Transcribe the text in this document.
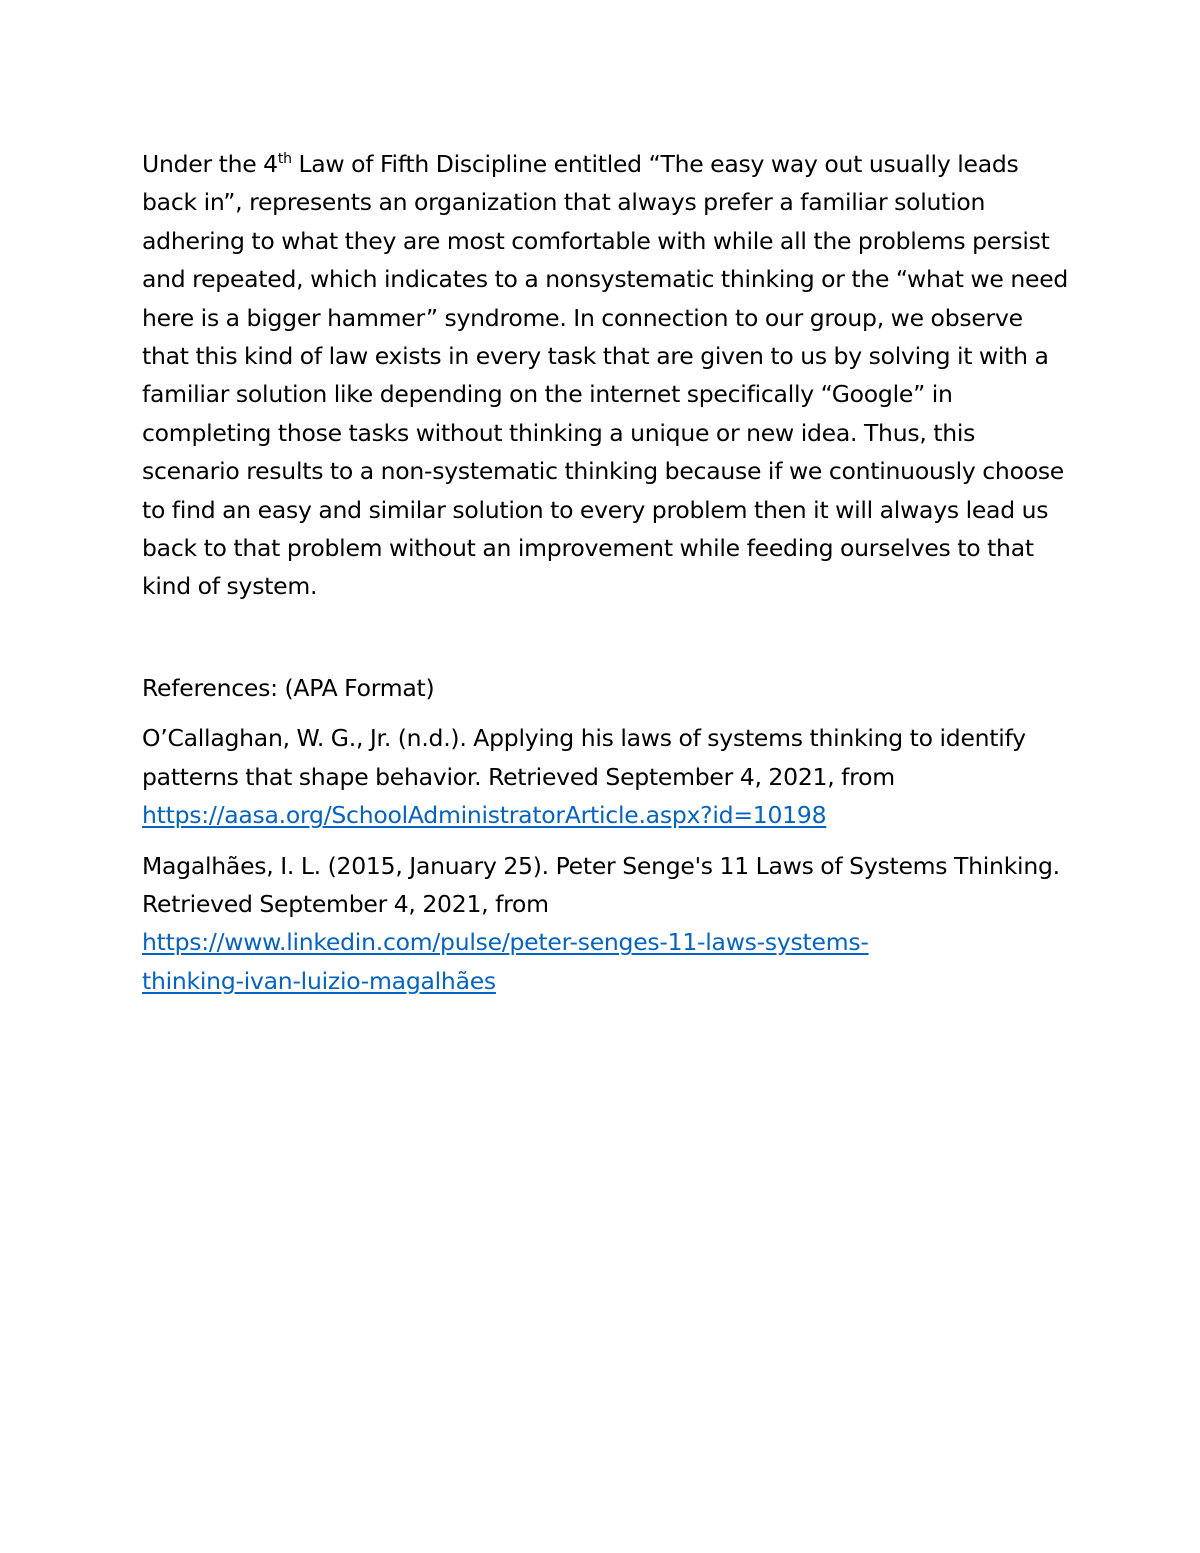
Under the 4th Law of Fifth Discipline entitled “The easy way out usually leads back in”, represents an organization that always prefer a familiar solution adhering to what they are most comfortable with while all the problems persist and repeated, which indicates to a nonsystematic thinking or the “what we need here is a bigger hammer” syndrome. In connection to our group, we observe that this kind of law exists in every task that are given to us by solving it with a familiar solution like depending on the internet specifically “Google” in completing those tasks without thinking a unique or new idea. Thus, this scenario results to a non-systematic thinking because if we continuously choose to find an easy and similar solution to every problem then it will always lead us back to that problem without an improvement while feeding ourselves to that kind of system.

References: (APA Format)

O’Callaghan, W. G., Jr. (n.d.). Applying his laws of systems thinking to identify patterns that shape behavior. Retrieved September 4, 2021, from https://aasa.org/SchoolAdministratorArticle.aspx?id=10198

Magalhães, I. L. (2015, January 25). Peter Senge's 11 Laws of Systems Thinking. Retrieved September 4, 2021, from
https://www.linkedin.com/pulse/peter-senges-11-laws-systems-
thinking-ivan-luizio-magalhães
